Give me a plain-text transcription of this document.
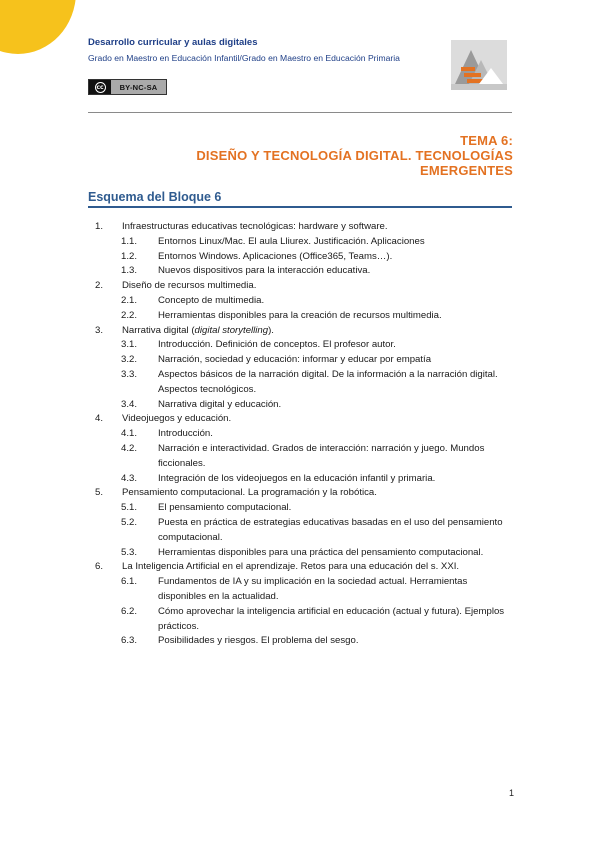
Desarrollo curricular y aulas digitales
Grado en Maestro en Educación Infantil/Grado en Maestro en Educación Primaria
cc	BY-NC-SA
TEMA 6:
DISEÑO Y TECNOLOGÍA DIGITAL. TECNOLOGÍAS
EMERGENTES
Esquema del Bloque 6
1.	Infraestructuras educativas tecnológicas: hardware y software.
1.1.	Entornos Linux/Mac. El aula Lliurex. Justificación. Aplicaciones
1.2.	Entornos Windows. Aplicaciones (Office365, Teams…).
1.3.	Nuevos dispositivos para la interacción educativa.
2.	Diseño de recursos multimedia.
2.1.	Concepto de multimedia.
2.2.	Herramientas disponibles para la creación de recursos multimedia.
3.	Narrativa digital (digital storytelling).
3.1.	Introducción. Definición de conceptos. El profesor autor.
3.2.	Narración, sociedad y educación: informar y educar por empatía
3.3.	Aspectos básicos de la narración digital. De la información a la narración digital. Aspectos tecnológicos.
3.4.	Narrativa digital y educación.
4.	Videojuegos y educación.
4.1.	Introducción.
4.2.	Narración e interactividad. Grados de interacción: narración y juego. Mundos ficcionales.
4.3.	Integración de los videojuegos en la educación infantil y primaria.
5.	Pensamiento computacional. La programación y la robótica.
5.1.	El pensamiento computacional.
5.2.	Puesta en práctica de estrategias educativas basadas en el uso del pensamiento computacional.
5.3.	Herramientas disponibles para una práctica del pensamiento computacional.
6.	La Inteligencia Artificial en el aprendizaje. Retos para una educación del s. XXI.
6.1.	Fundamentos de IA y su implicación en la sociedad actual. Herramientas disponibles en la actualidad.
6.2.	Cómo aprovechar la inteligencia artificial en educación (actual y futura). Ejemplos prácticos.
6.3.	Posibilidades y riesgos. El problema del sesgo.
1
